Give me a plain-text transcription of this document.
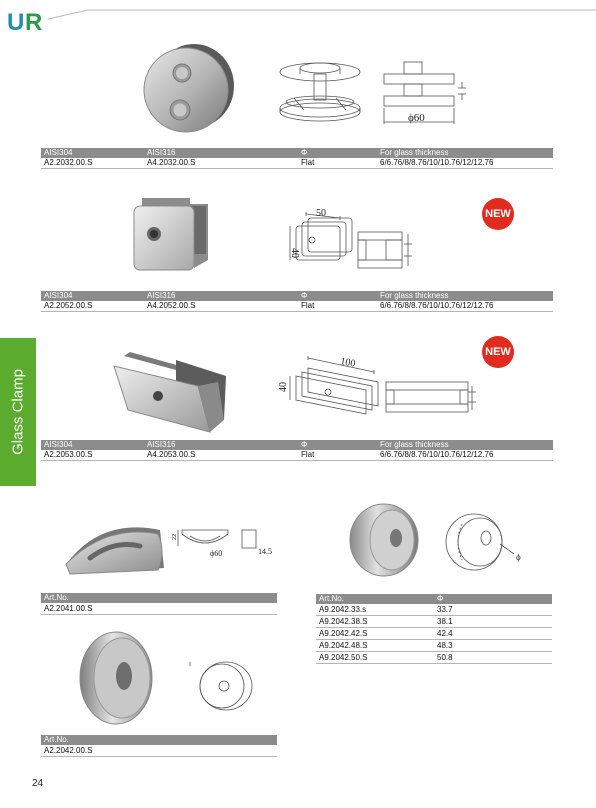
U R
Glass Clamp
ϕ60
AISI304	AISI316	Φ	For glass thickness
A2.2032.00.S	A4.2032.00.S	Flat	6/6.76/8/8.76/10/10.76/12/12.76
50
40
NEW
AISI304	AISI316	Φ	For glass thickness
A2.2052.00.S	A4.2052.00.S	Flat	6/6.76/8/8.76/10/10.76/12/12.76
100
40
NEW
AISI304	AISI316	Φ	For glass thickness
A2.2053.00.S	A4.2053.00.S	Flat	6/6.76/8/8.76/10/10.76/12/12.76
22
ϕ60	14.5
Art.No.
A2.2041.00.S
ϕ
Art.No.	Φ
A9.2042.33.s	33.7
A9.2042.38.S	38.1
A9.2042.42.S	42.4
A9.2042.48.S	48.3
A9.2042.50.S	50.8
Art.No.
A2.2042.00.S
24
